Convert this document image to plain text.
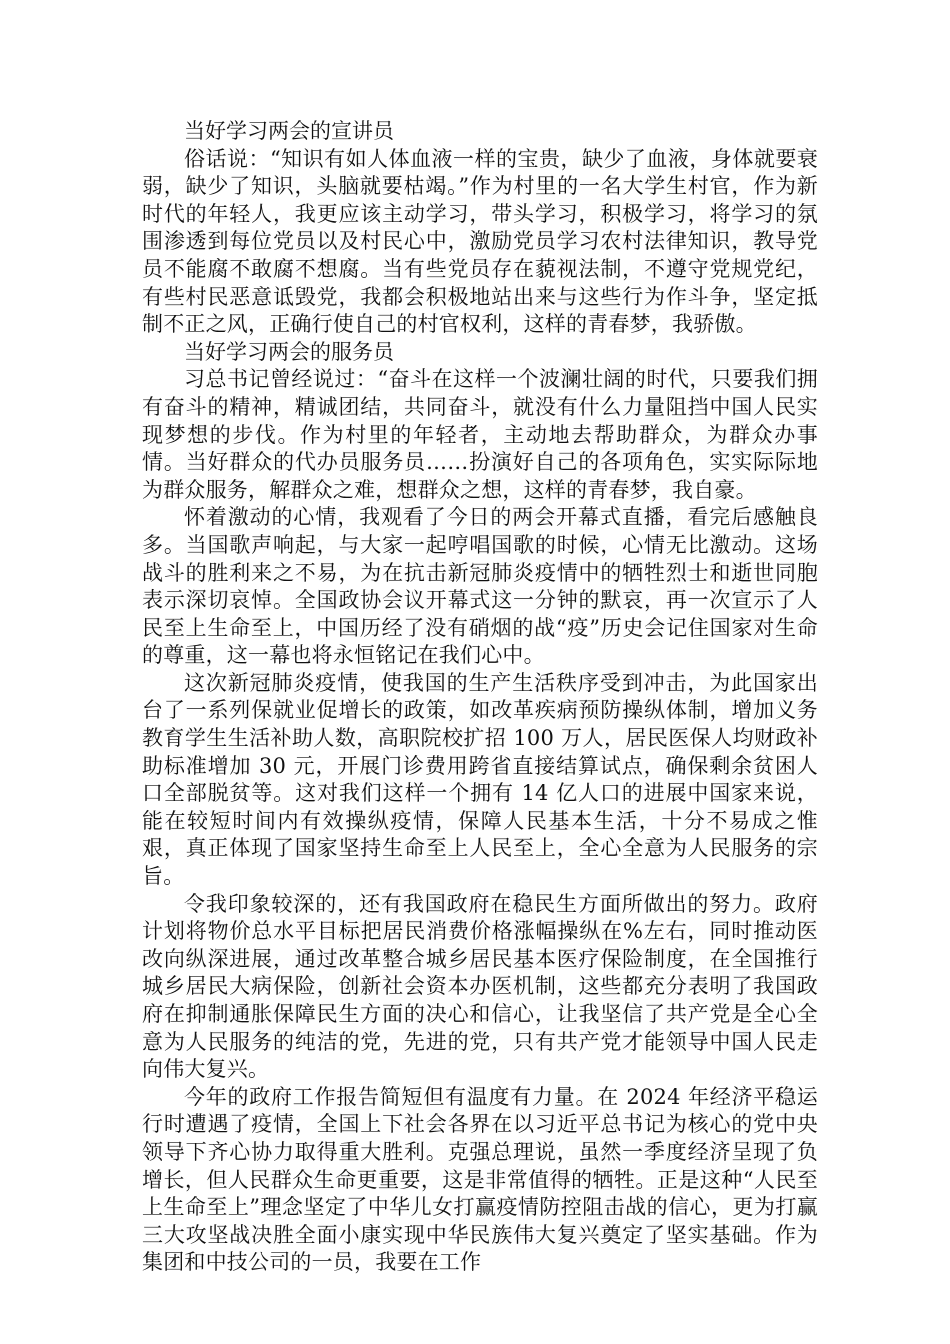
当好学习两会的宣讲员

俗话说：“知识有如人体血液一样的宝贵，缺少了血液，身体就要衰弱，缺少了知识，头脑就要枯竭。”作为村里的一名大学生村官，作为新时代的年轻人，我更应该主动学习，带头学习，积极学习，将学习的氛围渗透到每位党员以及村民心中，激励党员学习农村法律知识，教导党员不能腐不敢腐不想腐。当有些党员存在藐视法制，不遵守党规党纪，有些村民恶意诋毁党，我都会积极地站出来与这些行为作斗争，坚定抵制不正之风，正确行使自己的村官权利，这样的青春梦，我骄傲。

当好学习两会的服务员

习总书记曾经说过：“奋斗在这样一个波澜壮阔的时代，只要我们拥有奋斗的精神，精诚团结，共同奋斗，就没有什么力量阻挡中国人民实现梦想的步伐。作为村里的年轻者，主动地去帮助群众，为群众办事情。当好群众的代办员服务员……扮演好自己的各项角色，实实际际地为群众服务，解群众之难，想群众之想，这样的青春梦，我自豪。

怀着激动的心情，我观看了今日的两会开幕式直播，看完后感触良多。当国歌声响起，与大家一起哼唱国歌的时候，心情无比激动。这场战斗的胜利来之不易，为在抗击新冠肺炎疫情中的牺牲烈士和逝世同胞表示深切哀悼。全国政协会议开幕式这一分钟的默哀，再一次宣示了人民至上生命至上，中国历经了没有硝烟的战“疫”历史会记住国家对生命的尊重，这一幕也将永恒铭记在我们心中。

这次新冠肺炎疫情，使我国的生产生活秩序受到冲击，为此国家出台了一系列保就业促增长的政策，如改革疾病预防操纵体制，增加义务教育学生生活补助人数，高职院校扩招 100 万人，居民医保人均财政补助标准增加 30 元，开展门诊费用跨省直接结算试点，确保剩余贫困人口全部脱贫等。这对我们这样一个拥有 14 亿人口的进展中国家来说，能在较短时间内有效操纵疫情，保障人民基本生活，十分不易成之惟艰，真正体现了国家坚持生命至上人民至上，全心全意为人民服务的宗旨。

令我印象较深的，还有我国政府在稳民生方面所做出的努力。政府计划将物价总水平目标把居民消费价格涨幅操纵在%左右，同时推动医改向纵深进展，通过改革整合城乡居民基本医疗保险制度，在全国推行城乡居民大病保险，创新社会资本办医机制，这些都充分表明了我国政府在抑制通胀保障民生方面的决心和信心，让我坚信了共产党是全心全意为人民服务的纯洁的党，先进的党，只有共产党才能领导中国人民走向伟大复兴。

今年的政府工作报告简短但有温度有力量。在 2024 年经济平稳运行时遭遇了疫情，全国上下社会各界在以习近平总书记为核心的党中央领导下齐心协力取得重大胜利。克强总理说，虽然一季度经济呈现了负增长，但人民群众生命更重要，这是非常值得的牺牲。正是这种“人民至上生命至上”理念坚定了中华儿女打赢疫情防控阻击战的信心，更为打赢三大攻坚战决胜全面小康实现中华民族伟大复兴奠定了坚实基础。作为集团和中技公司的一员，我要在工作
